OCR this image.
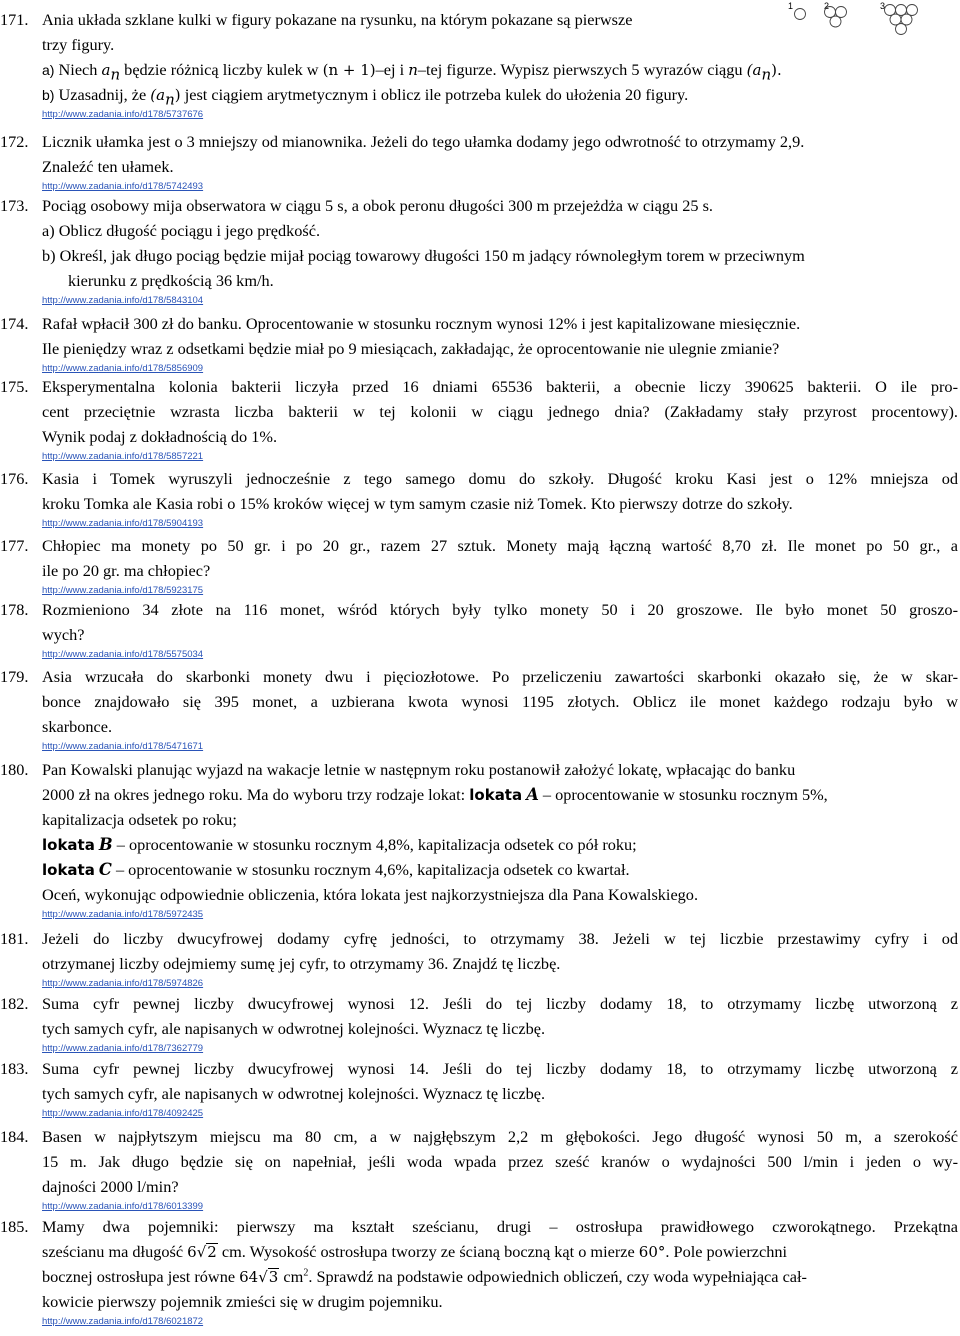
1	2	3
171. Ania układa szklane kulki w figury pokazane na rysunku, na którym pokazane są pierwsze
trzy figury.
a) Niech $a_n$ będzie różnicą liczby kulek w (n + 1)–ej i n–tej figurze. Wypisz pierwszych 5 wyrazów ciągu $(a_n)$.
b) Uzasadnij, że $(a_n)$ jest ciągiem arytmetycznym i oblicz ile potrzeba kulek do ułożenia 20 figury.
http://www.zadania.info/d178/5737676
172. Licznik ułamka jest o 3 mniejszy od mianownika. Jeżeli do tego ułamka dodamy jego odwrotność to otrzymamy 2,9.
Znaleźć ten ułamek.
http://www.zadania.info/d178/5742493
173. Pociąg osobowy mija obserwatora w ciągu 5 s, a obok peronu długości 300 m przejeżdża w ciągu 25 s.
a) Oblicz długość pociągu i jego prędkość.
b) Określ, jak długo pociąg będzie mijał pociąg towarowy długości 150 m jadący równoległym torem w przeciwnym
kierunku z prędkością 36 km/h.
http://www.zadania.info/d178/5843104
174. Rafał wpłacił 300 zł do banku. Oprocentowanie w stosunku rocznym wynosi 12% i jest kapitalizowane miesięcznie.
Ile pieniędzy wraz z odsetkami będzie miał po 9 miesiącach, zakładając, że oprocentowanie nie ulegnie zmianie?
http://www.zadania.info/d178/5856909
175. Eksperymentalna kolonia bakterii liczyła przed 16 dniami 65536 bakterii, a obecnie liczy 390625 bakterii. O ile pro-
cent przeciętnie wzrasta liczba bakterii w tej kolonii w ciągu jednego dnia? (Zakładamy stały przyrost procentowy).
Wynik podaj z dokładnością do 1%.
http://www.zadania.info/d178/5857221
176. Kasia i Tomek wyruszyli jednocześnie z tego samego domu do szkoły. Długość kroku Kasi jest o 12% mniejsza od
kroku Tomka ale Kasia robi o 15% kroków więcej w tym samym czasie niż Tomek. Kto pierwszy dotrze do szkoły.
http://www.zadania.info/d178/5904193
177. Chłopiec ma monety po 50 gr. i po 20 gr., razem 27 sztuk. Monety mają łączną wartość 8,70 zł. Ile monet po 50 gr., a
ile po 20 gr. ma chłopiec?
http://www.zadania.info/d178/5923175
178. Rozmieniono 34 złote na 116 monet, wśród których były tylko monety 50 i 20 groszowe. Ile było monet 50 groszo-
wych?
http://www.zadania.info/d178/5575034
179. Asia wrzucała do skarbonki monety dwu i pięciozłotowe. Po przeliczeniu zawartości skarbonki okazało się, że w skar-
bonce znajdowało się 395 monet, a uzbierana kwota wynosi 1195 złotych. Oblicz ile monet każdego rodzaju było w
skarbonce.
http://www.zadania.info/d178/5471671
180. Pan Kowalski planując wyjazd na wakacje letnie w następnym roku postanowił założyć lokatę, wpłacając do banku
2000 zł na okres jednego roku. Ma do wyboru trzy rodzaje lokat: lokata A – oprocentowanie w stosunku rocznym 5%,
kapitalizacja odsetek po roku;
lokata B – oprocentowanie w stosunku rocznym 4,8%, kapitalizacja odsetek co pół roku;
lokata C – oprocentowanie w stosunku rocznym 4,6%, kapitalizacja odsetek co kwartał.
Oceń, wykonując odpowiednie obliczenia, która lokata jest najkorzystniejsza dla Pana Kowalskiego.
http://www.zadania.info/d178/5972435
181. Jeżeli do liczby dwucyfrowej dodamy cyfrę jedności, to otrzymamy 38. Jeżeli w tej liczbie przestawimy cyfry i od
otrzymanej liczby odejmiemy sumę jej cyfr, to otrzymamy 36. Znajdź tę liczbę.
http://www.zadania.info/d178/5974826
182. Suma cyfr pewnej liczby dwucyfrowej wynosi 12. Jeśli do tej liczby dodamy 18, to otrzymamy liczbę utworzoną z
tych samych cyfr, ale napisanych w odwrotnej kolejności. Wyznacz tę liczbę.
http://www.zadania.info/d178/7362779
183. Suma cyfr pewnej liczby dwucyfrowej wynosi 14. Jeśli do tej liczby dodamy 18, to otrzymamy liczbę utworzoną z
tych samych cyfr, ale napisanych w odwrotnej kolejności. Wyznacz tę liczbę.
http://www.zadania.info/d178/4092425
184. Basen w najpłytszym miejscu ma 80 cm, a w najgłębszym 2,2 m głębokości. Jego długość wynosi 50 m, a szerokość
15 m. Jak długo będzie się on napełniał, jeśli woda wpada przez sześć kranów o wydajności 500 l/min i jeden o wy-
dajności 2000 l/min?
http://www.zadania.info/d178/6013399
185. Mamy dwa pojemniki: pierwszy ma kształt sześcianu, drugi – ostrosłupa prawidłowego czworokątnego. Przekątna
sześcianu ma długość 6√2 cm. Wysokość ostrosłupa tworzy ze ścianą boczną kąt o mierze 60°. Pole powierzchni
bocznej ostrosłupa jest równe 64√3 $cm^2$. Sprawdź na podstawie odpowiednich obliczeń, czy woda wypełniająca cał-
kowicie pierwszy pojemnik zmieści się w drugim pojemniku.
http://www.zadania.info/d178/6021872
